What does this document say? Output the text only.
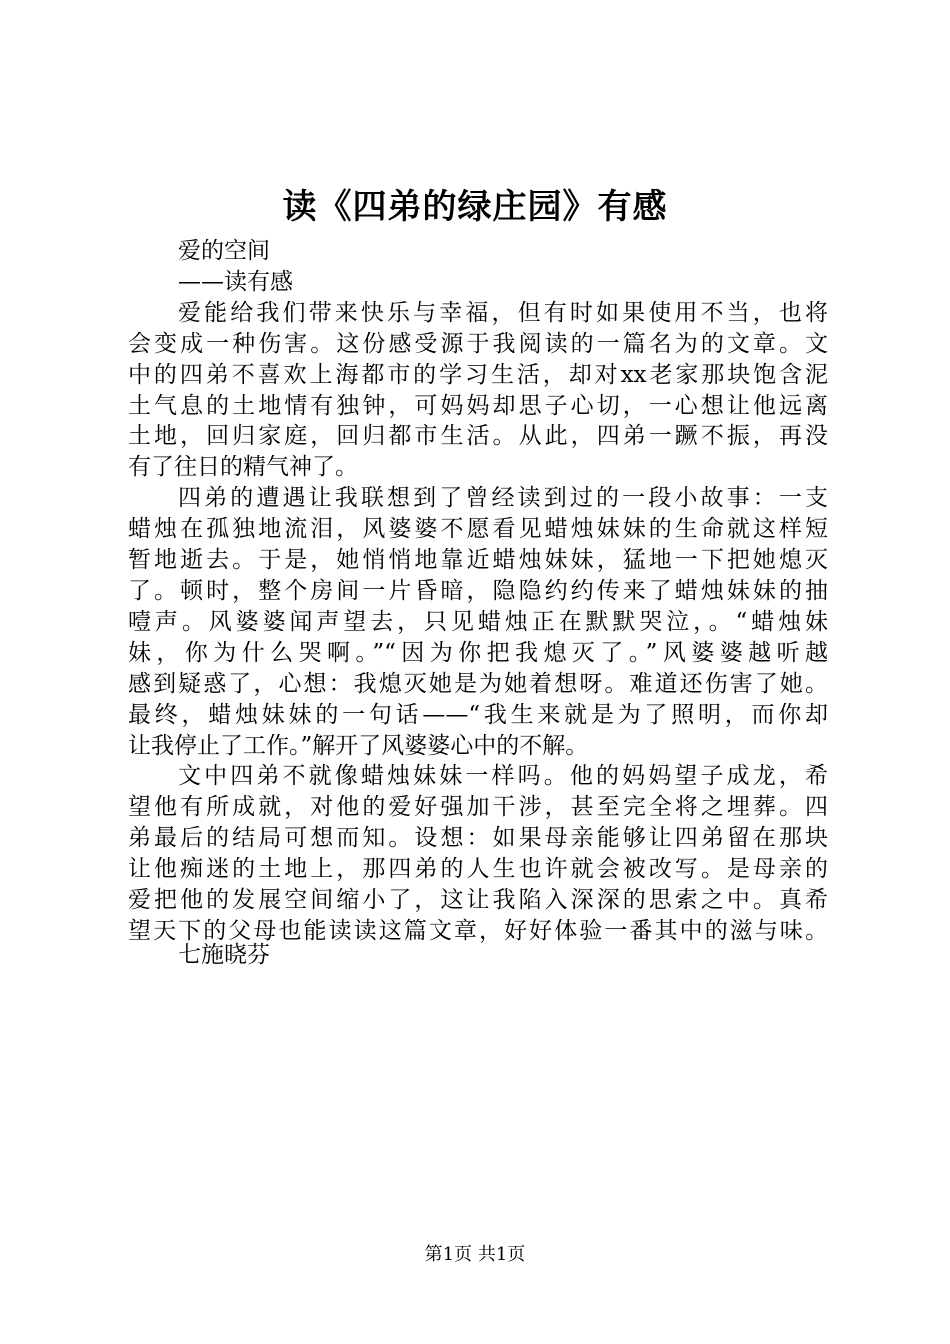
读《四弟的绿庄园》有感
爱的空间
——读有感
爱能给我们带来快乐与幸福，但有时如果使用不当，也将
会变成一种伤害。这份感受源于我阅读的一篇名为的文章。文
中的四弟不喜欢上海都市的学习生活，却对xx老家那块饱含泥
土气息的土地情有独钟，可妈妈却思子心切，一心想让他远离
土地，回归家庭，回归都市生活。从此，四弟一蹶不振，再没
有了往日的精气神了。
四弟的遭遇让我联想到了曾经读到过的一段小故事：一支
蜡烛在孤独地流泪，风婆婆不愿看见蜡烛妹妹的生命就这样短
暂地逝去。于是，她悄悄地靠近蜡烛妹妹，猛地一下把她熄灭
了。顿时，整个房间一片昏暗，隐隐约约传来了蜡烛妹妹的抽
噎声。风婆婆闻声望去，只见蜡烛正在默默哭泣，。“蜡烛妹
妹，你为什么哭啊。”“因为你把我熄灭了。”风婆婆越听越
感到疑惑了，心想：我熄灭她是为她着想呀。难道还伤害了她。
最终，蜡烛妹妹的一句话——“我生来就是为了照明，而你却
让我停止了工作。”解开了风婆婆心中的不解。
文中四弟不就像蜡烛妹妹一样吗。他的妈妈望子成龙，希
望他有所成就，对他的爱好强加干涉，甚至完全将之埋葬。四
弟最后的结局可想而知。设想：如果母亲能够让四弟留在那块
让他痴迷的土地上，那四弟的人生也许就会被改写。是母亲的
爱把他的发展空间缩小了，这让我陷入深深的思索之中。真希
望天下的父母也能读读这篇文章，好好体验一番其中的滋与味。
七施晓芬
第1页 共1页
